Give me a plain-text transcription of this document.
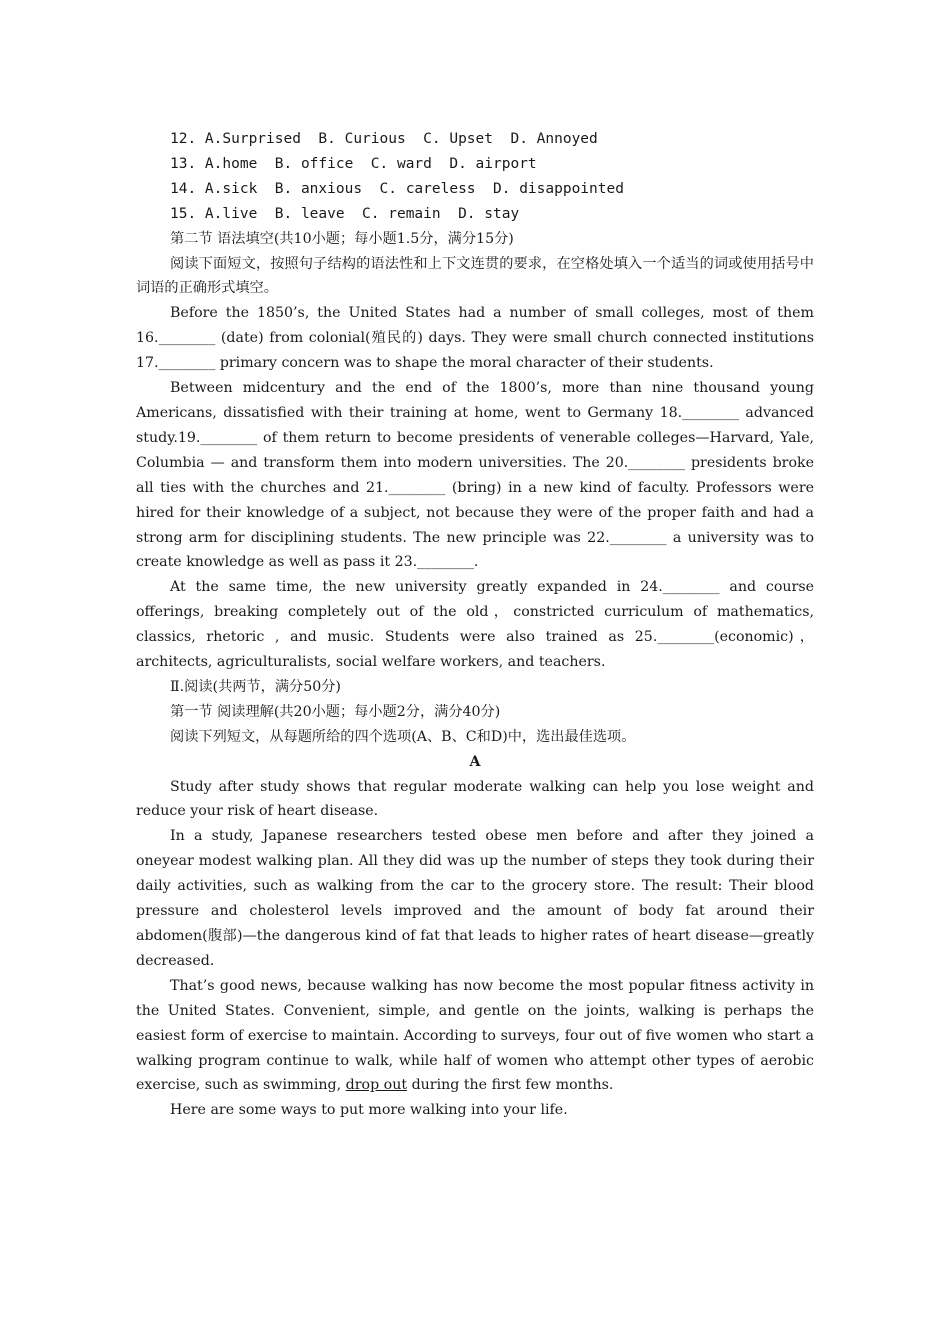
12. A.Surprised  B. Curious  C. Upset  D. Annoyed
13. A.home  B. office  C. ward  D. airport
14. A.sick  B. anxious  C. careless  D. disappointed
15. A.live  B. leave  C. remain  D. stay
第二节 语法填空(共10小题；每小题1.5分，满分15分)

阅读下面短文，按照句子结构的语法性和上下文连贯的要求，在空格处填入一个适当的词或使用括号中词语的正确形式填空。

Before the 1850’s, the United States had a number of small colleges, most of them 16.________ (date) from colonial(殖民的) days. They were small church connected institutions 17.________ primary concern was to shape the moral character of their students.

Between midcentury and the end of the 1800’s, more than nine thousand young Americans, dissatisfied with their training at home, went to Germany 18.________ advanced study.19.________ of them return to become presidents of venerable colleges—Harvard, Yale, Columbia — and transform them into modern universities. The 20.________ presidents broke all ties with the churches and 21.________ (bring) in a new kind of faculty. Professors were hired for their knowledge of a subject, not because they were of the proper faith and had a strong arm for disciplining students. The new principle was 22.________ a university was to create knowledge as well as pass it 23.________.

At the same time, the new university greatly expanded in 24.________ and course offerings, breaking completely out of the old，constricted curriculum of mathematics, classics, rhetoric , and music. Students were also trained as 25.________(economic)，architects, agriculturalists, social welfare workers, and teachers.

Ⅱ.阅读(共两节，满分50分)
第一节 阅读理解(共20小题；每小题2分，满分40分)
阅读下列短文，从每题所给的四个选项(A、B、C和D)中，选出最佳选项。
A

Study after study shows that regular moderate walking can help you lose weight and reduce your risk of heart disease.

In a study, Japanese researchers tested obese men before and after they joined a oneyear modest walking plan. All they did was up the number of steps they took during their daily activities, such as walking from the car to the grocery store. The result: Their blood pressure and cholesterol levels improved and the amount of body fat around their abdomen(腹部)—the dangerous kind of fat that leads to higher rates of heart disease—greatly decreased.

That’s good news, because walking has now become the most popular fitness activity in the United States. Convenient, simple, and gentle on the joints, walking is perhaps the easiest form of exercise to maintain. According to surveys, four out of five women who start a walking program continue to walk, while half of women who attempt other types of aerobic exercise, such as swimming, drop out during the first few months.

Here are some ways to put more walking into your life.
